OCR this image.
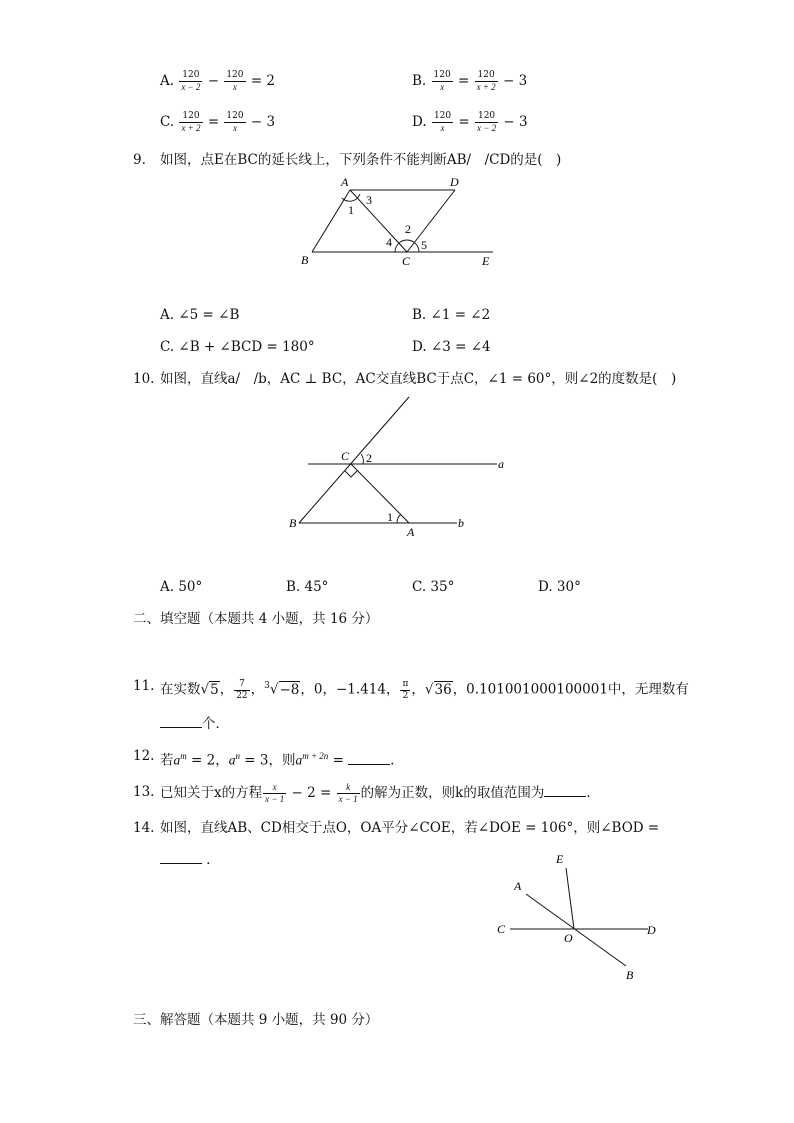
A. $\frac{120}{x - 2} - \frac{120}{x} = 2$	B. $\frac{120}{x} = \frac{120}{x + 2} - 3$
C. $\frac{120}{x + 2} = \frac{120}{x} - 3$	D. $\frac{120}{x} = \frac{120}{x - 2} - 3$
9. 如图，点E在BC的延长线上，下列条件不能判断AB/　/CD的是(　)
A	D
B	C	E
1
3
2
4 5
A. ∠5 = ∠B	B. ∠1 = ∠2
C. ∠B + ∠BCD = 180°	D. ∠3 = ∠4
10. 如图，直线a/　/b，AC ⊥ BC，AC交直线BC于点C，∠1 = 60°，则∠2的度数是(　)
C 2	a
B	1
A
b
A. 50°	B. 45°	C. 35°	D. 30°
二、填空题（本题共 4 小题，共 16 分）
11. 在实数√5， $\frac{7}{22}$ ，$^3$√−8，0，−1.414， $\frac{\pi}{2}$ ，√36，0.101001000100001中，无理数有
个．
12. 若$a^m = 2$，$a^n = 3$，则$a^{m + 2n}$ =	．
13. 已知关于x的方程 $\frac{x}{x - 1} - 2 = \frac{k}{x - 1}$ 的解为正数，则k的取值范围为	．
14. 如图，直线AB、CD相交于点O，OA平分∠COE，若∠DOE = 106°，则∠BOD =
．	E
A
C
O
D
B
三、解答题（本题共 9 小题，共 90 分）
